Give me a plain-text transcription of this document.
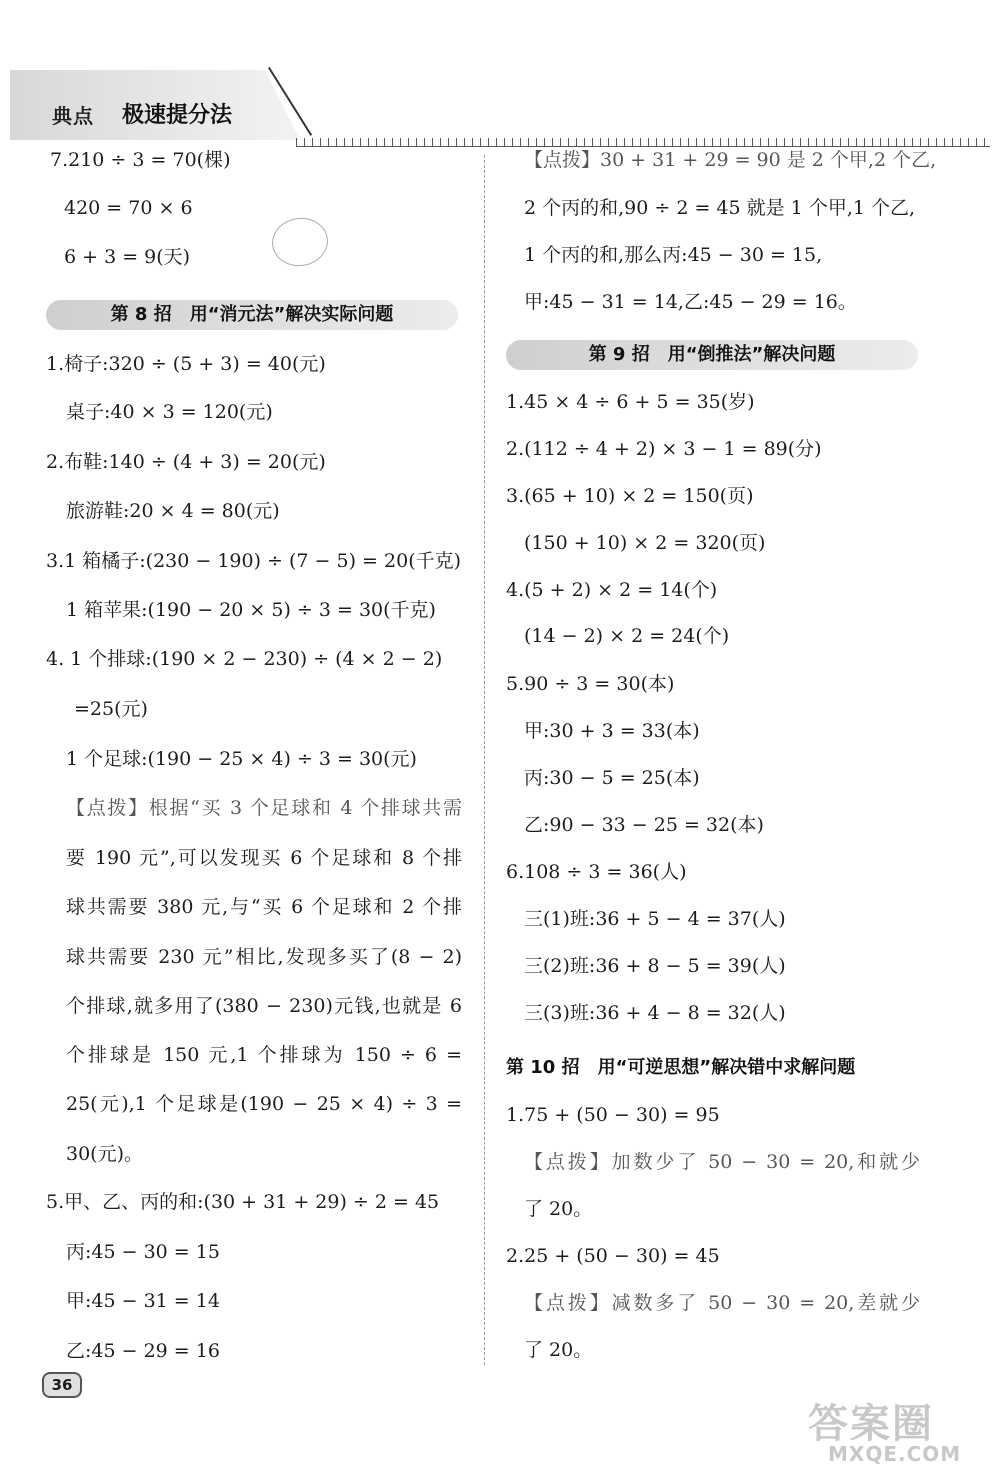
典点 极速提分法
7.210 ÷ 3 = 70(棵)
420 = 70 × 6
6 + 3 = 9(天)
第 8 招　用“消元法”解决实际问题
1.椅子:320 ÷ (5 + 3) = 40(元)
桌子:40 × 3 = 120(元)
2.布鞋:140 ÷ (4 + 3) = 20(元)
旅游鞋:20 × 4 = 80(元)
3.1 箱橘子:(230 − 190) ÷ (7 − 5) = 20(千克)
1 箱苹果:(190 − 20 × 5) ÷ 3 = 30(千克)
4. 1 个排球:(190 × 2 − 230) ÷ (4 × 2 − 2)
=25(元)
1 个足球:(190 − 25 × 4) ÷ 3 = 30(元)
【点拨】根据“买 3 个足球和 4 个排球共需
要 190 元”,可以发现买 6 个足球和 8 个排
球共需要 380 元,与“买 6 个足球和 2 个排
球共需要 230 元”相比,发现多买了(8 − 2)
个排球,就多用了(380 − 230)元钱,也就是 6
个排球是 150 元,1 个排球为 150 ÷ 6 =
25(元),1 个足球是(190 − 25 × 4) ÷ 3 =
30(元)。
5.甲、乙、丙的和:(30 + 31 + 29) ÷ 2 = 45
丙:45 − 30 = 15
甲:45 − 31 = 14
乙:45 − 29 = 16
【点拨】30 + 31 + 29 = 90 是 2 个甲,2 个乙,
2 个丙的和,90 ÷ 2 = 45 就是 1 个甲,1 个乙,
1 个丙的和,那么丙:45 − 30 = 15,
甲:45 − 31 = 14,乙:45 − 29 = 16。
第 9 招　用“倒推法”解决问题
1.45 × 4 ÷ 6 + 5 = 35(岁)
2.(112 ÷ 4 + 2) × 3 − 1 = 89(分)
3.(65 + 10) × 2 = 150(页)
(150 + 10) × 2 = 320(页)
4.(5 + 2) × 2 = 14(个)
(14 − 2) × 2 = 24(个)
5.90 ÷ 3 = 30(本)
甲:30 + 3 = 33(本)
丙:30 − 5 = 25(本)
乙:90 − 33 − 25 = 32(本)
6.108 ÷ 3 = 36(人)
三(1)班:36 + 5 − 4 = 37(人)
三(2)班:36 + 8 − 5 = 39(人)
三(3)班:36 + 4 − 8 = 32(人)
第 10 招　用“可逆思想”解决错中求解问题
1.75 + (50 − 30) = 95
【点拨】加数少了 50 − 30 = 20,和就少
了 20。
2.25 + (50 − 30) = 45
【点拨】减数多了 50 − 30 = 20,差就少
了 20。
36
答案圈
MXQE.COM
